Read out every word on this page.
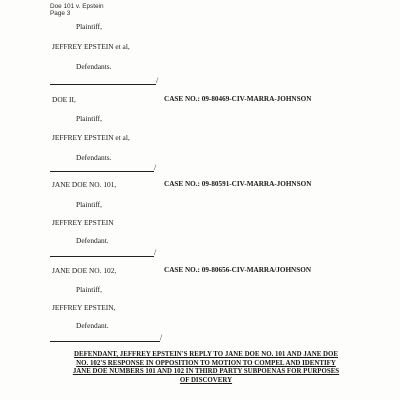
Doe 101 v. Epstein
Page 3
Plaintiff,
JEFFREY EPSTEIN et al,
Defendants.
/
DOE II,	CASE NO.: 09-80469-CIV-MARRA-JOHNSON
Plaintiff,
JEFFREY EPSTEIN et al,
Defendants.
/
JANE DOE NO. 101,	CASE NO.: 09-80591-CIV-MARRA-JOHNSON
Plaintiff,
JEFFREY EPSTEIN
Defendant.
/
JANE DOE NO. 102,	CASE NO.: 09-80656-CIV-MARRA/JOHNSON
Plaintiff,
JEFFREY EPSTEIN,
Defendant.
/
DEFENDANT, JEFFREY EPSTEIN'S REPLY TO JANE DOE NO. 101 AND JANE DOE
NO. 102'S RESPONSE IN OPPOSITION TO MOTION TO COMPEL AND IDENTIFY
JANE DOE NUMBERS 101 AND 102 IN THIRD PARTY SUBPOENAS FOR PURPOSES
OF DISCOVERY
